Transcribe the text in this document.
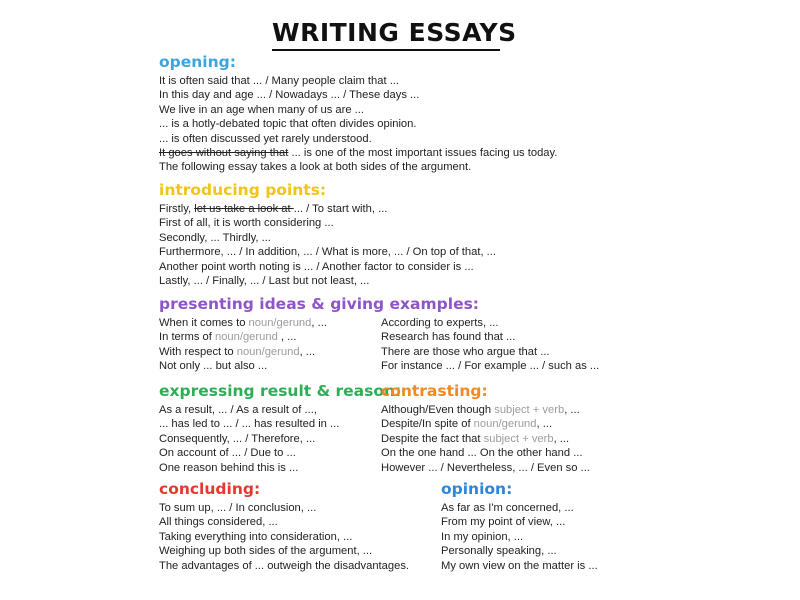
WRITING ESSAYS
opening:
It is often said that ... / Many people claim that ...
In this day and age ... / Nowadays ... / These days ...
We live in an age when many of us are ...
... is a hotly-debated topic that often divides opinion.
... is often discussed yet rarely understood.
It goes without saying that ... is one of the most important issues facing us today.
The following essay takes a look at both sides of the argument.
introducing points:
Firstly, let us take a look at ... / To start with, ...
First of all, it is worth considering ...
Secondly, ... Thirdly, ...
Furthermore, ... / In addition, ... / What is more, ... / On top of that, ...
Another point worth noting is ... / Another factor to consider is ...
Lastly, ... / Finally, ... / Last but not least, ...
presenting ideas & giving examples:
When it comes to noun/gerund, ...
In terms of noun/gerund , ...
With respect to noun/gerund, ...
Not only ... but also ...
According to experts, ...
Research has found that ...
There are those who argue that ...
For instance ... / For example ... / such as ...
expressing result & reason:
As a result, ... / As a result of ...,
... has led to ... / ... has resulted in ...
Consequently, ... / Therefore, ...
On account of ... / Due to ...
One reason behind this is ...
contrasting:
Although/Even though subject + verb, ...
Despite/In spite of noun/gerund, ...
Despite the fact that subject + verb, ...
On the one hand ... On the other hand ...
However ... / Nevertheless, ... / Even so ...
concluding:
To sum up, ... / In conclusion, ...
All things considered, ...
Taking everything into consideration, ...
Weighing up both sides of the argument, ...
The advantages of ... outweigh the disadvantages.
opinion:
As far as I'm concerned, ...
From my point of view, ...
In my opinion, ...
Personally speaking, ...
My own view on the matter is ...
